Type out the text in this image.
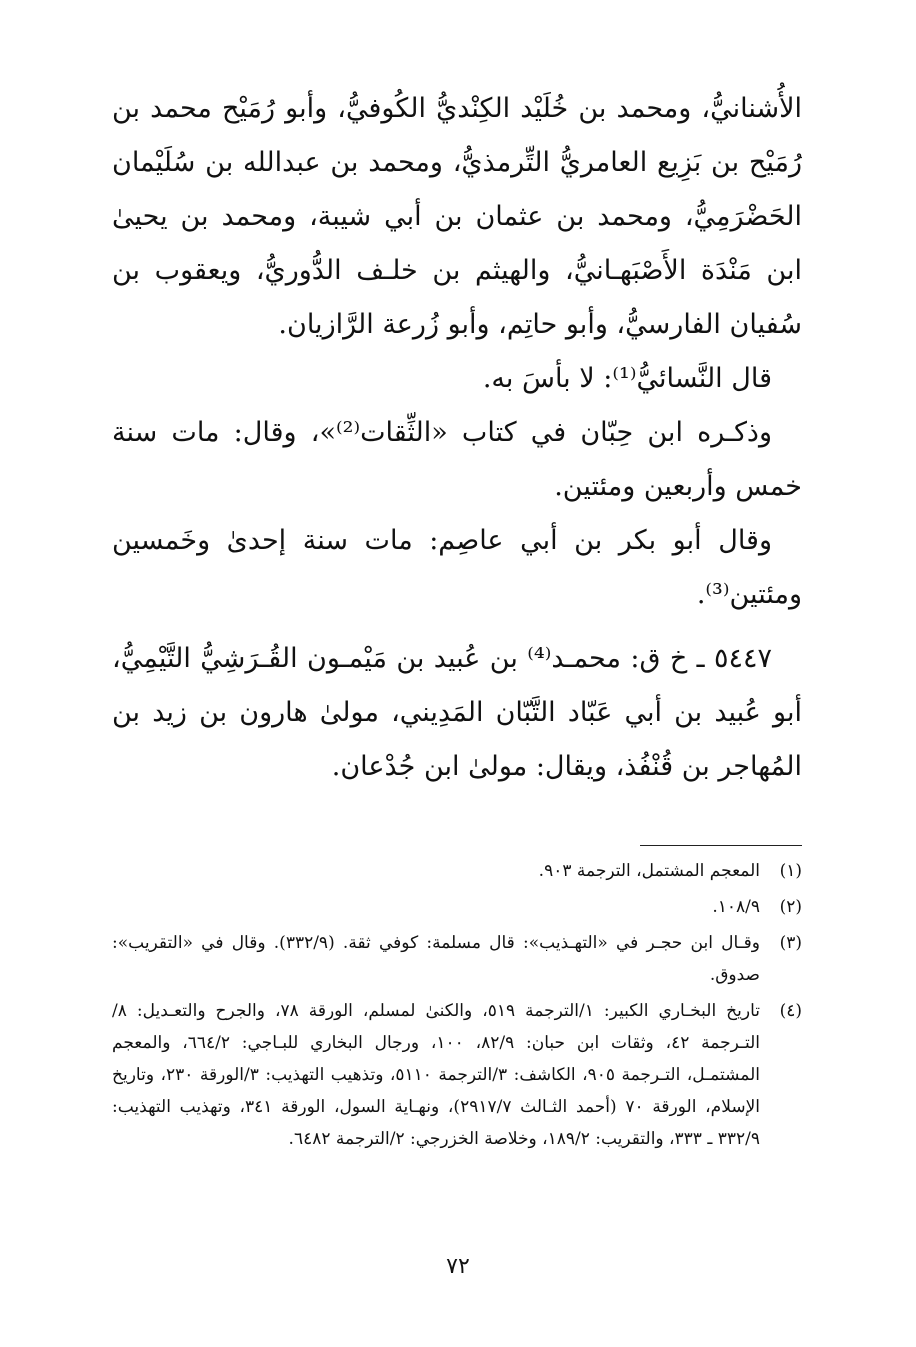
الأُشنانيُّ، ومحمد بن خُلَيْد الكِنْديُّ الكُوفيُّ، وأبو رُمَيْح محمد بن رُمَيْح بن بَزِيع العامريُّ التِّرمذيُّ، ومحمد بن عبدالله بن سُلَيْمان الحَضْرَمِيُّ، ومحمد بن عثمان بن أبي شيبة، ومحمد بن يحيىٰ ابن مَنْدَة الأَصْبَهـانيُّ، والهيثم بن خلـف الدُّوريُّ، ويعقوب بن سُفيان الفارسيُّ، وأبو حاتِم، وأبو زُرعة الرَّازيان.

قال النَّسائيُّ⁽¹⁾: لا بأسَ به.

وذكـره ابن حِبّان في كتاب «الثِّقات⁽²⁾»، وقال: مات سنة خمس وأربعين ومئتين.

وقال أبو بكر بن أبي عاصِم: مات سنة إحدىٰ وخَمسين ومئتين⁽³⁾.

٥٤٤٧ ـ خ ق: محمـد⁽⁴⁾ بن عُبيد بن مَيْمـون القُـرَشِيُّ التَّيْمِيُّ، أبو عُبيد بن أبي عَبّاد التَّبّان المَدِيني، مولىٰ هارون بن زيد بن المُهاجر بن قُنْفُذ، ويقال: مولىٰ ابن جُدْعان.

(١)
المعجم المشتمل، الترجمة ٩٠٣.
(٢)
١٠٨/٩.
(٣)
وقـال ابن حجـر في «التهـذيب»: قال مسلمة: كوفي ثقة. (٣٣٢/٩). وقال في «التقريب»: صدوق.
(٤)
تاريخ البخـاري الكبير: ١/الترجمة ٥١٩، والكنىٰ لمسلم، الورقة ٧٨، والجرح والتعـديل: ٨/التـرجمة ٤٢، وثقات ابن حبان: ٨٢/٩، ١٠٠، ورجال البخاري للبـاجي: ٦٦٤/٢، والمعجم المشتمـل، التـرجمة ٩٠٥، الكاشف: ٣/الترجمة ٥١١٠، وتذهيب التهذيب: ٣/الورقة ٢٣٠، وتاريخ الإسلام، الورقة ٧٠ (أحمد الثـالث ٢٩١٧/٧)، ونهـاية السول، الورقة ٣٤١، وتهذيب التهذيب: ٣٣٢/٩ ـ ٣٣٣، والتقريب: ١٨٩/٢، وخلاصة الخزرجي: ٢/الترجمة ٦٤٨٢.
٧٢
